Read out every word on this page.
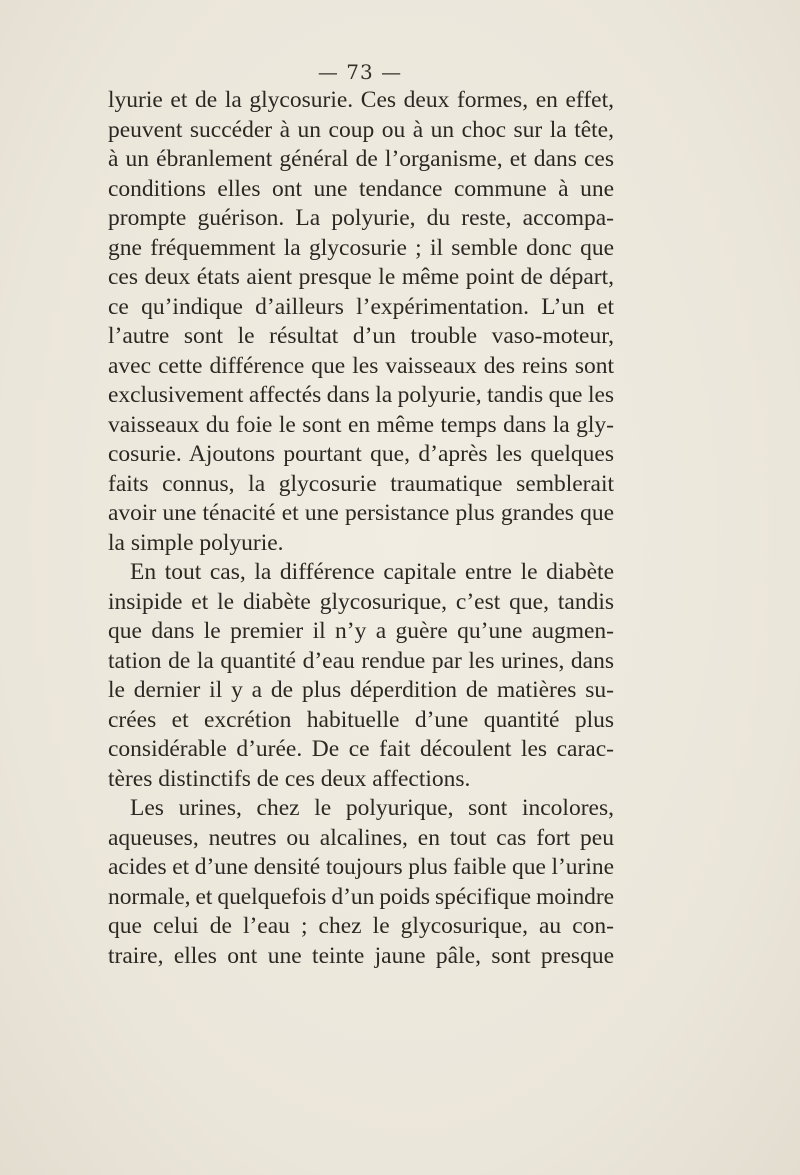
— 73 —
lyurie et de la glycosurie. Ces deux formes, en effet,
peuvent succéder à un coup ou à un choc sur la tête,
à un ébranlement général de l’organisme, et dans ces
conditions elles ont une tendance commune à une
prompte guérison. La polyurie, du reste, accompa-
gne fréquemment la glycosurie ; il semble donc que
ces deux états aient presque le même point de départ,
ce qu’indique d’ailleurs l’expérimentation. L’un et
l’autre sont le résultat d’un trouble vaso-moteur,
avec cette différence que les vaisseaux des reins sont
exclusivement affectés dans la polyurie, tandis que les
vaisseaux du foie le sont en même temps dans la gly-
cosurie. Ajoutons pourtant que, d’après les quelques
faits connus, la glycosurie traumatique semblerait
avoir une ténacité et une persistance plus grandes que
la simple polyurie.
En tout cas, la différence capitale entre le diabète
insipide et le diabète glycosurique, c’est que, tandis
que dans le premier il n’y a guère qu’une augmen-
tation de la quantité d’eau rendue par les urines, dans
le dernier il y a de plus déperdition de matières su-
crées et excrétion habituelle d’une quantité plus
considérable d’urée. De ce fait découlent les carac-
tères distinctifs de ces deux affections.
Les urines, chez le polyurique, sont incolores,
aqueuses, neutres ou alcalines, en tout cas fort peu
acides et d’une densité toujours plus faible que l’urine
normale, et quelquefois d’un poids spécifique moindre
que celui de l’eau ; chez le glycosurique, au con-
traire, elles ont une teinte jaune pâle, sont presque
